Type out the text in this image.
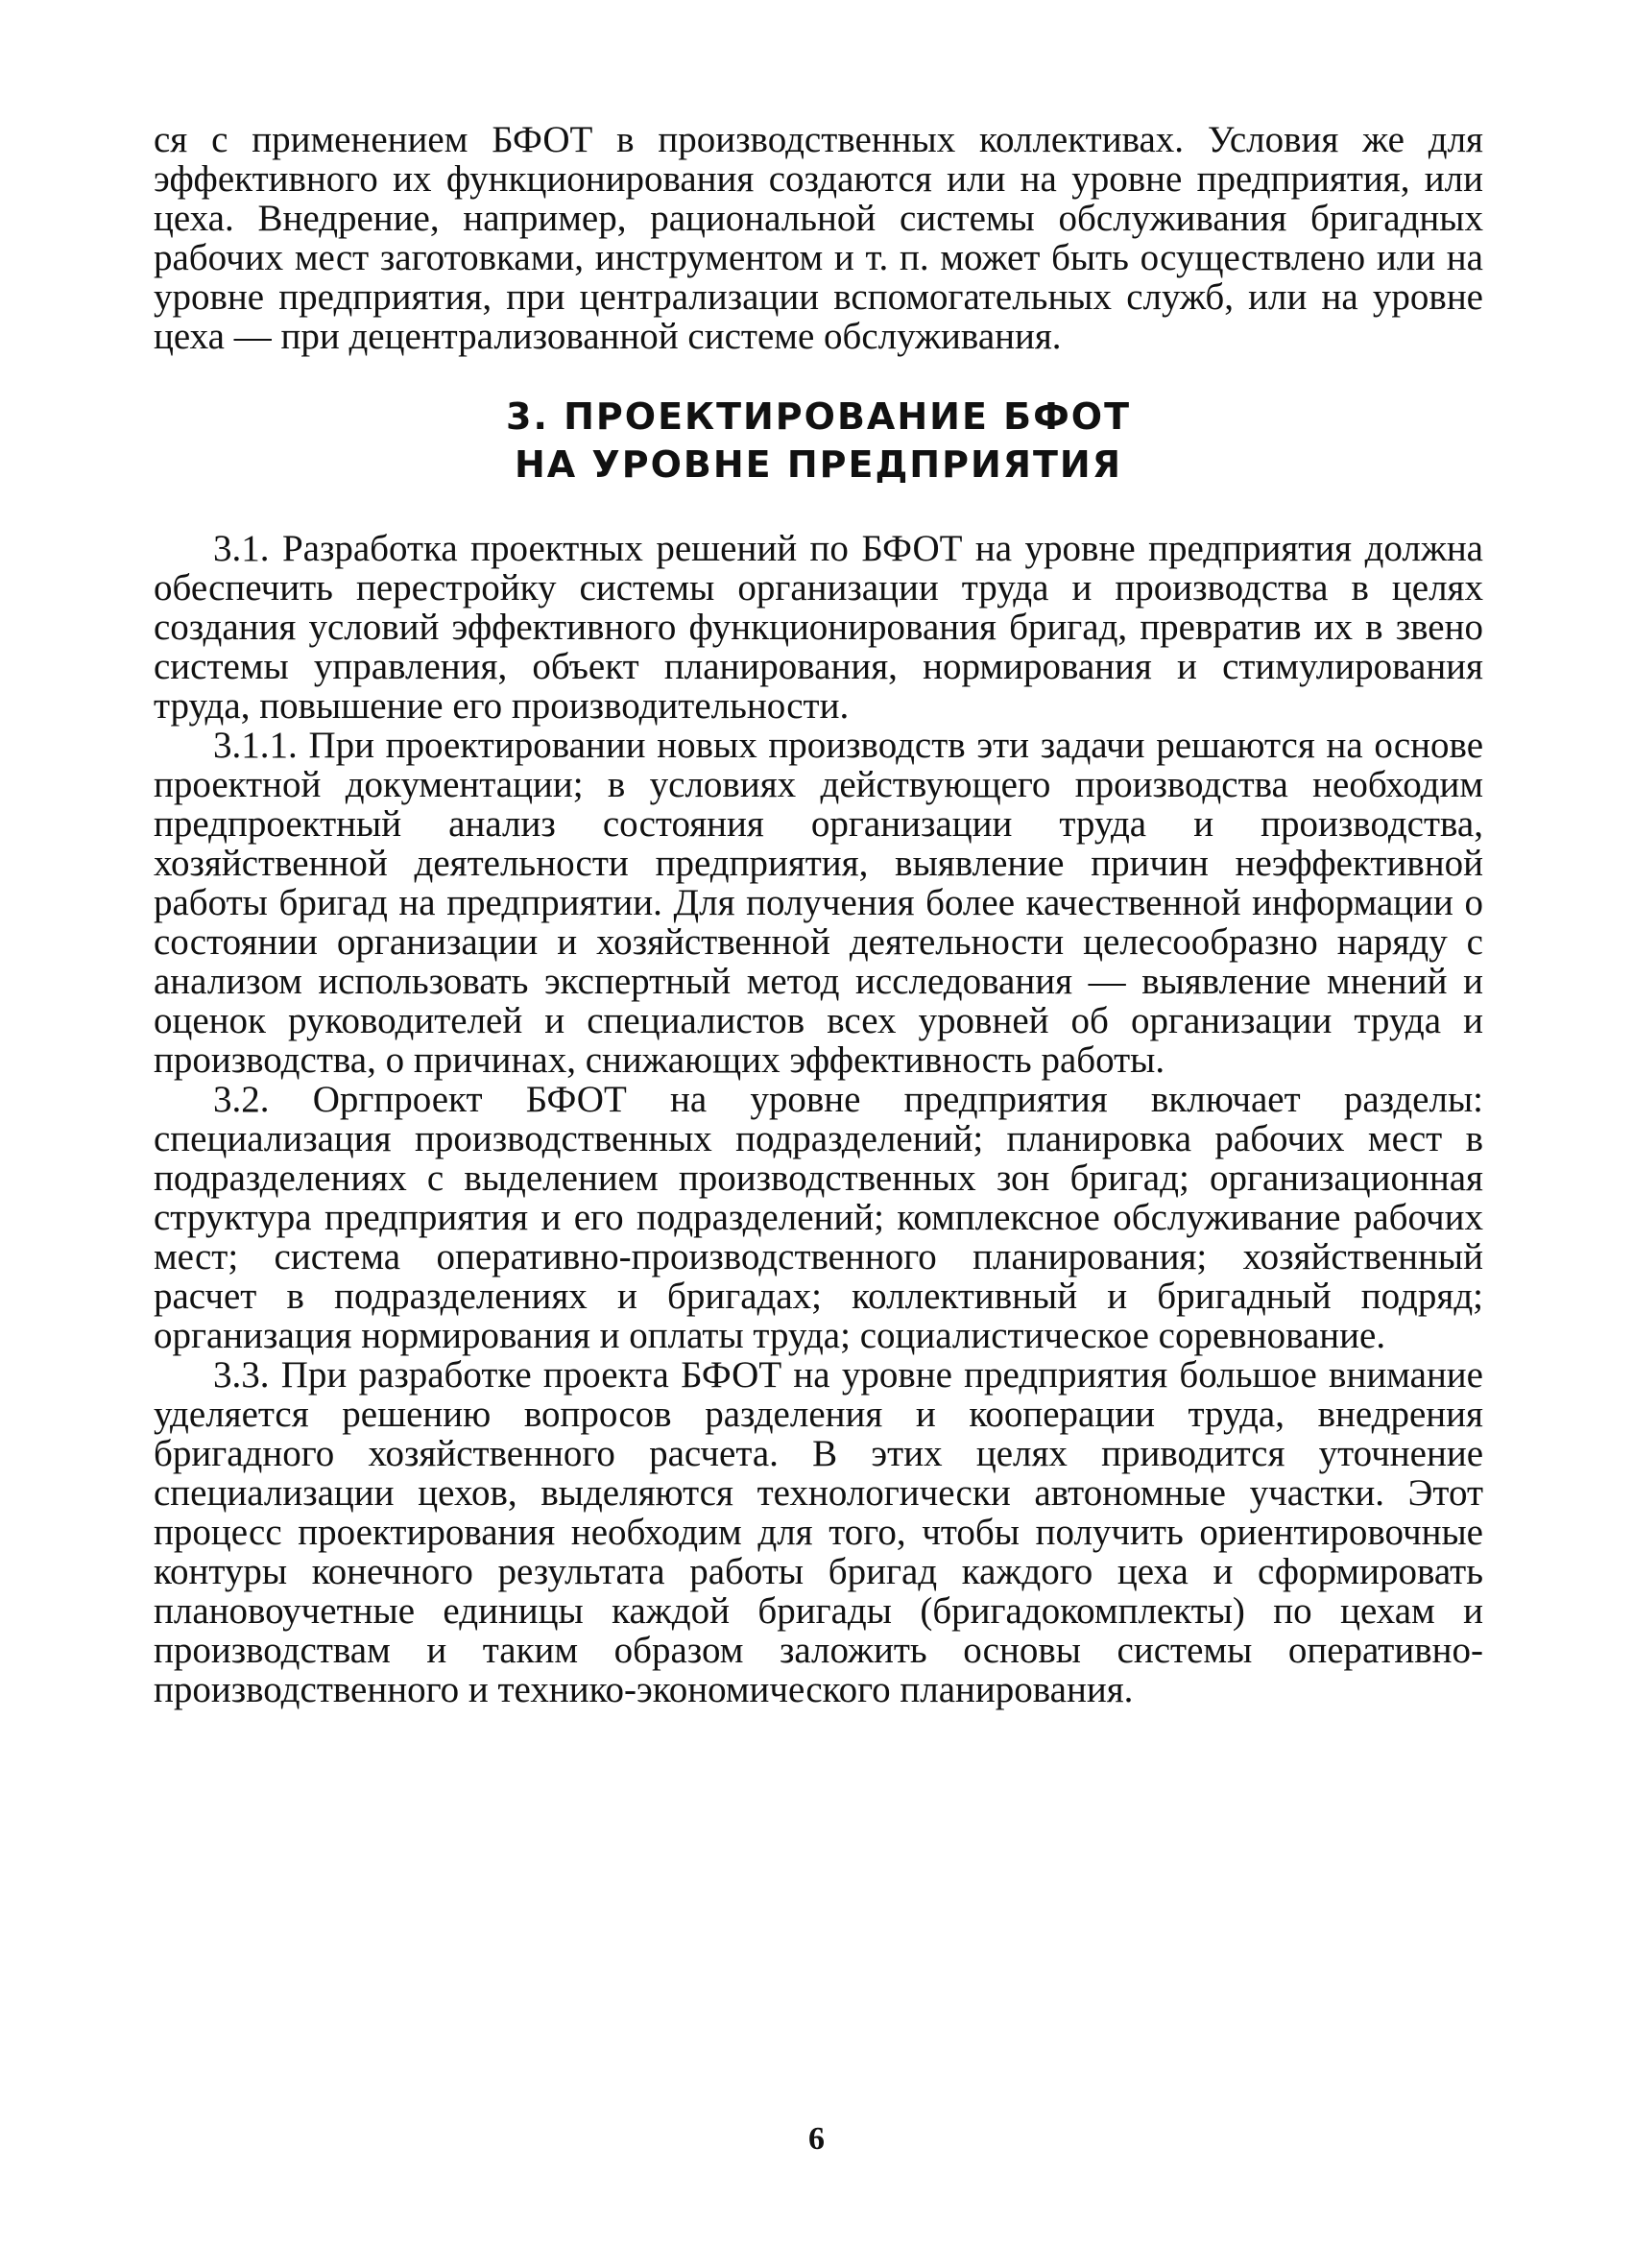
ся с применением БФОТ в производственных коллективах. Условия же для эффективного их функционирования создаются или на уровне предприятия, или цеха. Внедрение, например, рациональной системы обслуживания бригадных рабочих мест заготовками, инструментом и т. п. может быть осуществлено или на уровне предприятия, при централизации вспомогательных служб, или на уровне цеха — при децентрализованной системе обслуживания.

3. ПРОЕКТИРОВАНИЕ БФОТ
НА УРОВНЕ ПРЕДПРИЯТИЯ

3.1. Разработка проектных решений по БФОТ на уровне предприятия должна обеспечить перестройку системы организации труда и производства в целях создания условий эффективного функционирования бригад, превратив их в звено системы управления, объект планирования, нормирования и стимулирования труда, повышение его производительности.

3.1.1. При проектировании новых производств эти задачи решаются на основе проектной документации; в условиях действующего производства необходим предпроектный анализ состояния организации труда и производства, хозяйственной деятельности предприятия, выявление причин неэффективной работы бригад на предприятии. Для получения более качественной информации о состоянии организации и хозяйственной деятельности целесообразно наряду с анализом использовать экспертный метод исследования — выявление мнений и оценок руководителей и специалистов всех уровней об организации труда и производства, о причинах, снижающих эффективность работы.

3.2. Оргпроект БФОТ на уровне предприятия включает разделы: специализация производственных подразделений; планировка рабочих мест в подразделениях с выделением производственных зон бригад; организационная структура предприятия и его подразделений; комплексное обслуживание рабочих мест; система оперативно-производственного планирования; хозяйственный расчет в подразделениях и бригадах; коллективный и бригадный подряд; организация нормирования и оплаты труда; социалистическое соревнование.

3.3. При разработке проекта БФОТ на уровне предприятия большое внимание уделяется решению вопросов разделения и кооперации труда, внедрения бригадного хозяйственного расчета. В этих целях приводится уточнение специализации цехов, выделяются технологически автономные участки. Этот процесс проектирования необходим для того, чтобы получить ориентировочные контуры конечного результата работы бригад каждого цеха и сформировать плановоучетные единицы каждой бригады (бригадокомплекты) по цехам и производствам и таким образом заложить основы системы оперативно-производственного и технико-экономического планирования.

6
